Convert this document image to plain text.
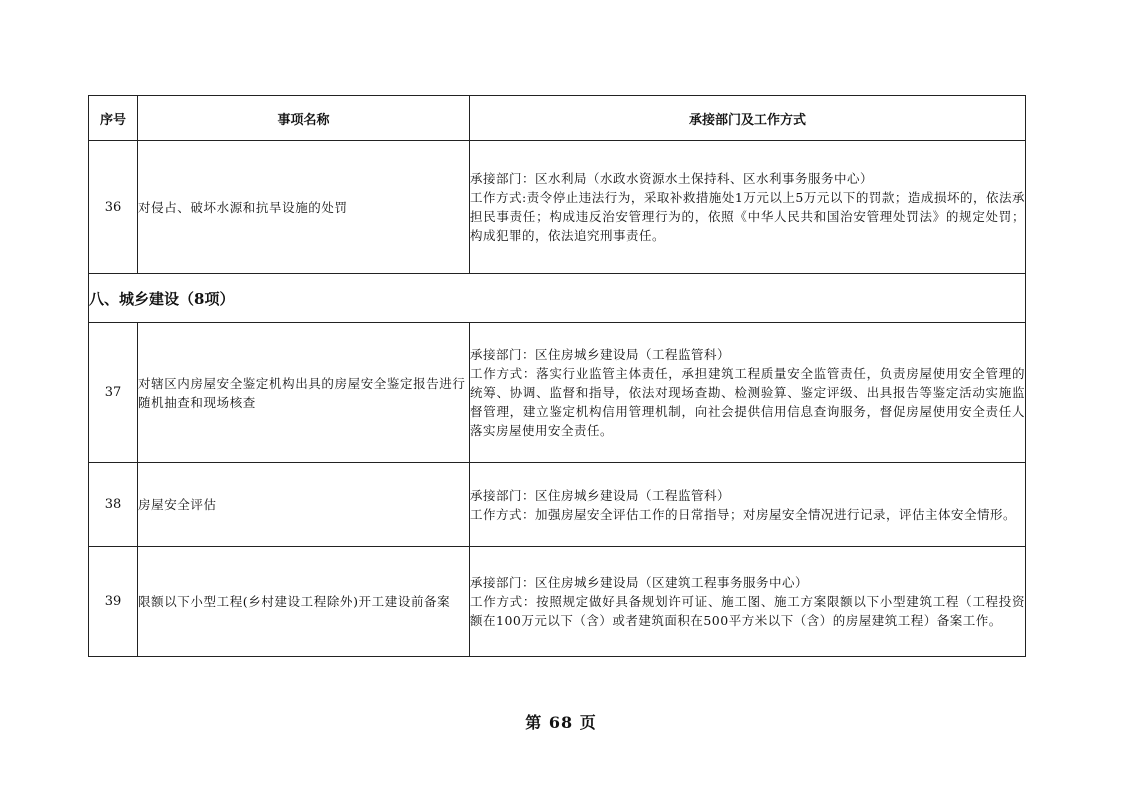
序号	事项名称	承接部门及工作方式
36	对侵占、破坏水源和抗旱设施的处罚	承接部门：区水利局（水政水资源水土保持科、区水利事务服务中心）
工作方式:责令停止违法行为，采取补救措施处1万元以上5万元以下的罚款；造成损坏的，依法承担民事责任；构成违反治安管理行为的，依照《中华人民共和国治安管理处罚法》的规定处罚；构成犯罪的，依法追究刑事责任。

八、城乡建设（8项）		
37	对辖区内房屋安全鉴定机构出具的房屋安全鉴定报告进行随机抽查和现场核查	承接部门：区住房城乡建设局（工程监管科）
工作方式：落实行业监管主体责任，承担建筑工程质量安全监管责任，负责房屋使用安全管理的统筹、协调、监督和指导，依法对现场查勘、检测验算、鉴定评级、出具报告等鉴定活动实施监督管理，建立鉴定机构信用管理机制，向社会提供信用信息查询服务，督促房屋使用安全责任人落实房屋使用安全责任。

38	房屋安全评估	承接部门：区住房城乡建设局（工程监管科）
工作方式：加强房屋安全评估工作的日常指导；对房屋安全情况进行记录，评估主体安全情形。

39	限额以下小型工程(乡村建设工程除外)开工建设前备案	承接部门：区住房城乡建设局（区建筑工程事务服务中心）
工作方式：按照规定做好具备规划许可证、施工图、施工方案限额以下小型建筑工程（工程投资额在100万元以下（含）或者建筑面积在500平方米以下（含）的房屋建筑工程）备案工作。
第 68 页
